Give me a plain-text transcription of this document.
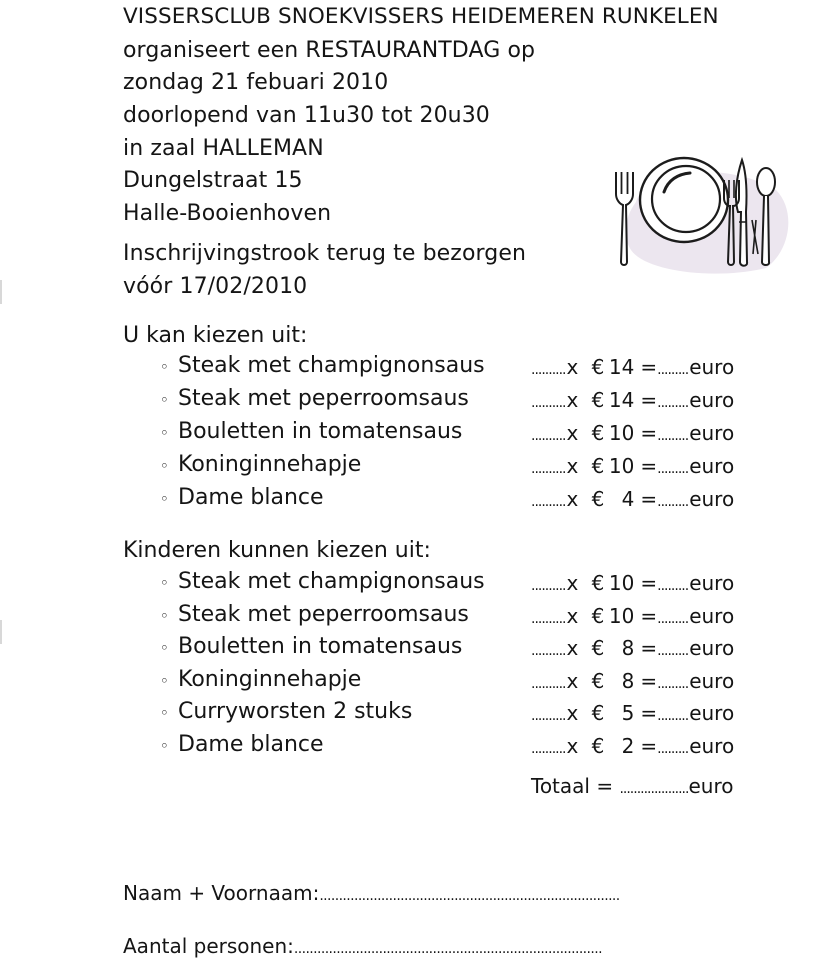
VISSERSCLUB SNOEKVISSERS HEIDEMEREN RUNKELEN
organiseert een RESTAURANTDAG op
zondag 21 febuari 2010
doorlopend van 11u30 tot 20u30
in zaal HALLEMAN
Dungelstraat 15
Halle-Booienhoven
Inschrijvingstrook terug te bezorgen
vóór 17/02/2010
U kan kiezen uit:
◦ Steak met champignonsaus	.......... x € 14 = ......... euro
◦ Steak met peperroomsaus	.......... x € 14 = ......... euro
◦ Bouletten in tomatensaus	.......... x € 10 = ......... euro
◦ Koninginnehapje	.......... x € 10 = ......... euro
◦ Dame blance	.......... x € 4 = ......... euro
Kinderen kunnen kiezen uit:
◦ Steak met champignonsaus	.......... x € 10 = ......... euro
◦ Steak met peperroomsaus	.......... x € 10 = ......... euro
◦ Bouletten in tomatensaus	.......... x € 8 = ......... euro
◦ Koninginnehapje	.......... x € 8 = ......... euro
◦ Curryworsten 2 stuks	.......... x € 5 = ......... euro
◦ Dame blance	.......... x € 2 = ......... euro
Totaal = ....................euro
Naam + Voornaam:..............................................................................
Aantal personen:................................................................................
